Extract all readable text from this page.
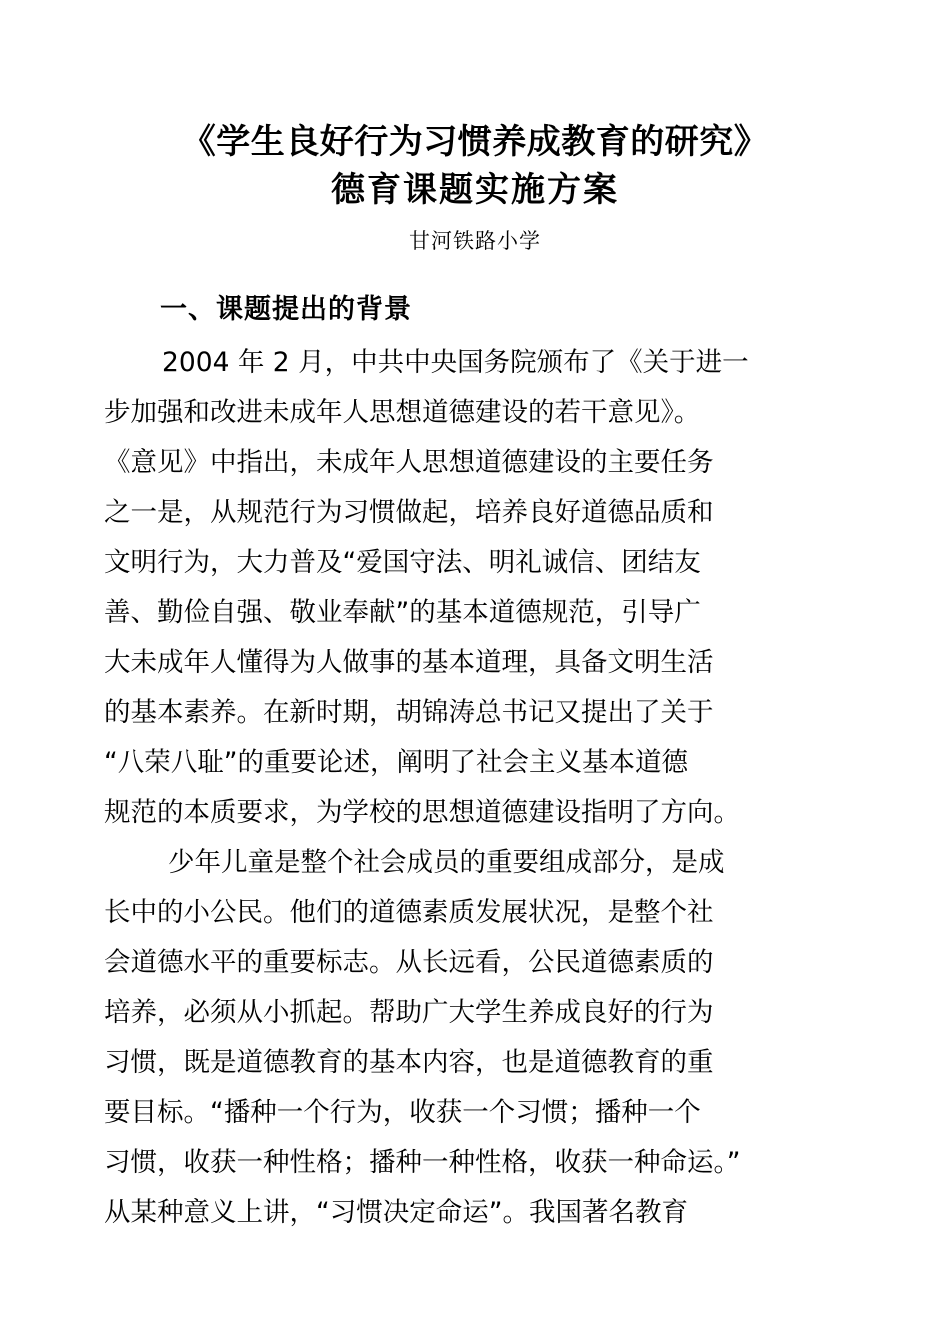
《学生良好行为习惯养成教育的研究》
德育课题实施方案
甘河铁路小学
一、课题提出的背景

2004 年 2 月，中共中央国务院颁布了《关于进一
步加强和改进未成年人思想道德建设的若干意见》。
《意见》中指出，未成年人思想道德建设的主要任务
之一是，从规范行为习惯做起，培养良好道德品质和
文明行为，大力普及“爱国守法、明礼诚信、团结友
善、勤俭自强、敬业奉献”的基本道德规范，引导广
大未成年人懂得为人做事的基本道理，具备文明生活
的基本素养。在新时期，胡锦涛总书记又提出了关于
“八荣八耻”的重要论述，阐明了社会主义基本道德
规范的本质要求，为学校的思想道德建设指明了方向。

少年儿童是整个社会成员的重要组成部分，是成
长中的小公民。他们的道德素质发展状况，是整个社
会道德水平的重要标志。从长远看，公民道德素质的
培养，必须从小抓起。帮助广大学生养成良好的行为
习惯，既是道德教育的基本内容，也是道德教育的重
要目标。“播种一个行为，收获一个习惯；播种一个
习惯，收获一种性格；播种一种性格，收获一种命运。”
从某种意义上讲，“习惯决定命运”。我国著名教育
